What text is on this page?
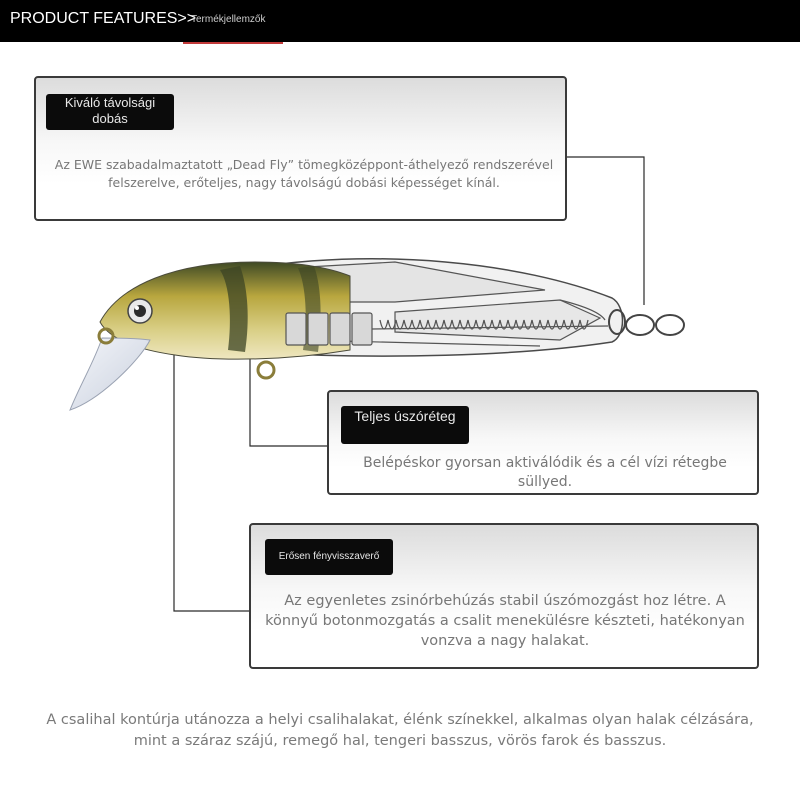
PRODUCT FEATURES>>
Termékjellemzők
Kiváló távolsági dobás
Az EWE szabadalmaztatott „Dead Fly” tömegközéppont-áthelyező rendszerével felszerelve, erőteljes, nagy távolságú dobási képességet kínál.
Teljes úszóréteg
Belépéskor gyorsan aktiválódik és a cél vízi rétegbe süllyed.
Erősen fényvisszaverő
Az egyenletes zsinórbehúzás stabil úszómozgást hoz létre. A könnyű botonmozgatás a csalit menekülésre készteti, hatékonyan vonzva a nagy halakat.
A csalihal kontúrja utánozza a helyi csalihalakat, élénk színekkel, alkalmas olyan halak célzására, mint a száraz szájú, remegő hal, tengeri basszus, vörös farok és basszus.
